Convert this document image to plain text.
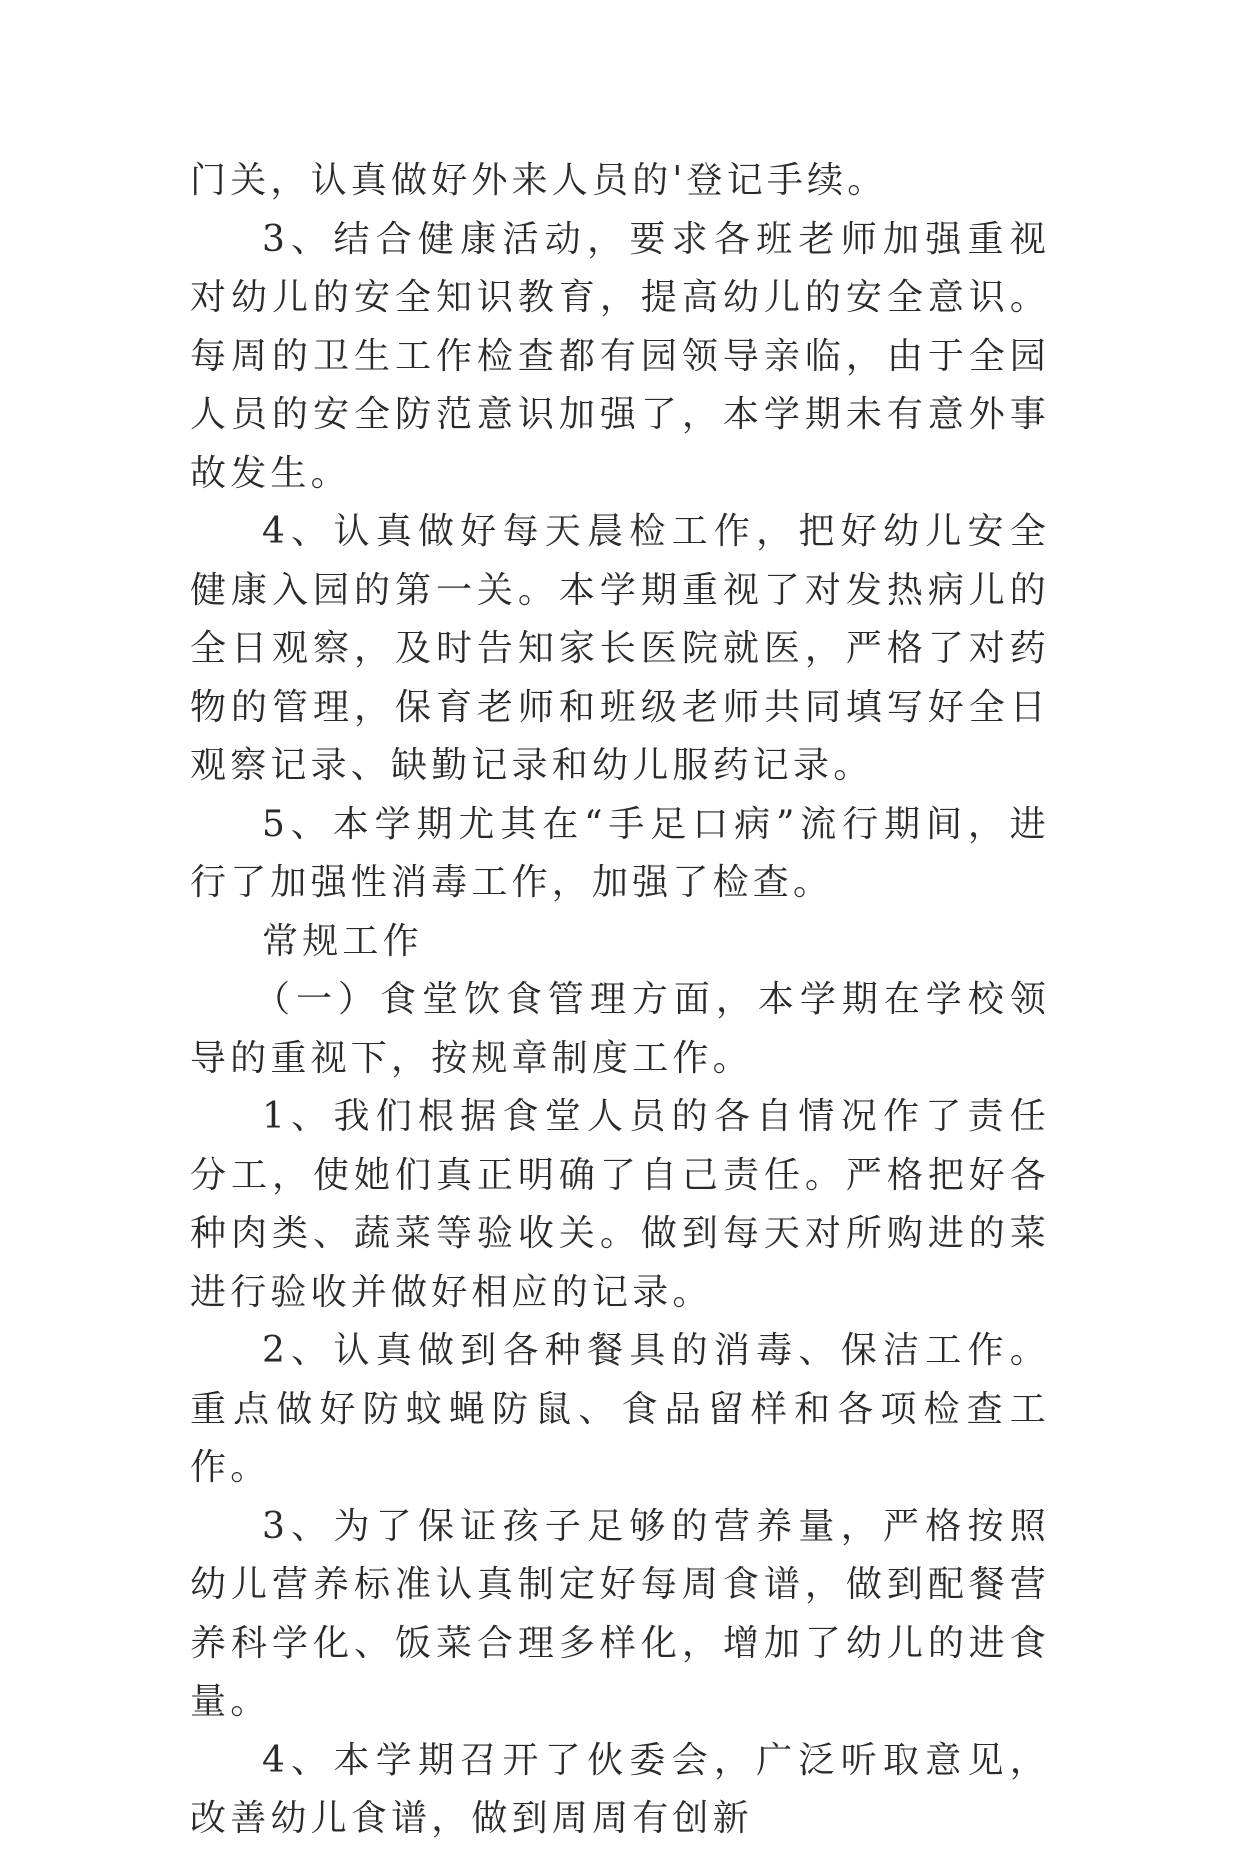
门关，认真做好外来人员的'登记手续。

3、结合健康活动，要求各班老师加强重视对幼儿的安全知识教育，提高幼儿的安全意识。每周的卫生工作检查都有园领导亲临，由于全园人员的安全防范意识加强了，本学期未有意外事故发生。

4、认真做好每天晨检工作，把好幼儿安全健康入园的第一关。本学期重视了对发热病儿的全日观察，及时告知家长医院就医，严格了对药物的管理，保育老师和班级老师共同填写好全日观察记录、缺勤记录和幼儿服药记录。

5、本学期尤其在“手足口病”流行期间，进行了加强性消毒工作，加强了检查。

常规工作

（一）食堂饮食管理方面，本学期在学校领导的重视下，按规章制度工作。

1、我们根据食堂人员的各自情况作了责任分工，使她们真正明确了自己责任。严格把好各种肉类、蔬菜等验收关。做到每天对所购进的菜进行验收并做好相应的记录。

2、认真做到各种餐具的消毒、保洁工作。重点做好防蚊蝇防鼠、食品留样和各项检查工作。

3、为了保证孩子足够的营养量，严格按照幼儿营养标准认真制定好每周食谱，做到配餐营养科学化、饭菜合理多样化，增加了幼儿的进食量。

4、本学期召开了伙委会，广泛听取意见，改善幼儿食谱，做到周周有创新
